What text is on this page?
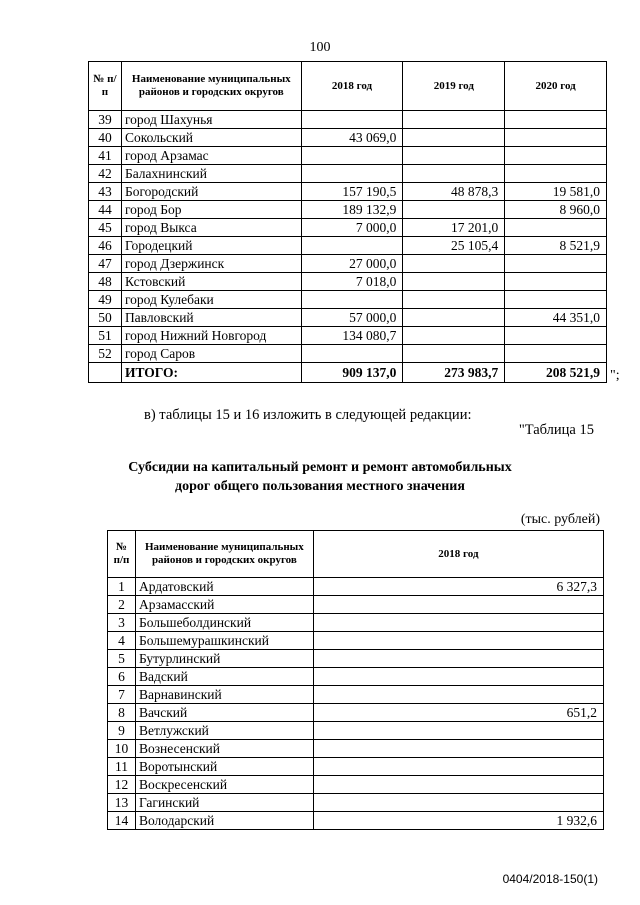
100
№ п/п	Наименование муниципальных районов и городских округов	2018 год	2019 год	2020 год
39	город Шахунья			
40	Сокольский	43 069,0		
41	город Арзамас			
42	Балахнинский			
43	Богородский	157 190,5	48 878,3	19 581,0
44	город Бор	189 132,9		8 960,0
45	город Выкса	7 000,0	17 201,0	
46	Городецкий		25 105,4	8 521,9
47	город Дзержинск	27 000,0		
48	Кстовский	7 018,0		
49	город Кулебаки			
50	Павловский	57 000,0		44 351,0
51	город Нижний Новгород	134 080,7		
52	город Саров			
	ИТОГО:	909 137,0	273 983,7	208 521,9 ";
в) таблицы 15 и 16 изложить в следующей редакции:
"Таблица 15
Субсидии на капитальный ремонт и ремонт автомобильных
дорог общего пользования местного значения
(тыс. рублей)
№ п/п	Наименование муниципальных районов и городских округов	2018 год
1	Ардатовский	6 327,3
2	Арзамасский	
3	Большеболдинский	
4	Большемурашкинский	
5	Бутурлинский	
6	Вадский	
7	Варнавинский	
8	Вачский	651,2
9	Ветлужский	
10	Вознесенский	
11	Воротынский	
12	Воскресенский	
13	Гагинский	
14	Володарский	1 932,6
0404/2018-150(1)
